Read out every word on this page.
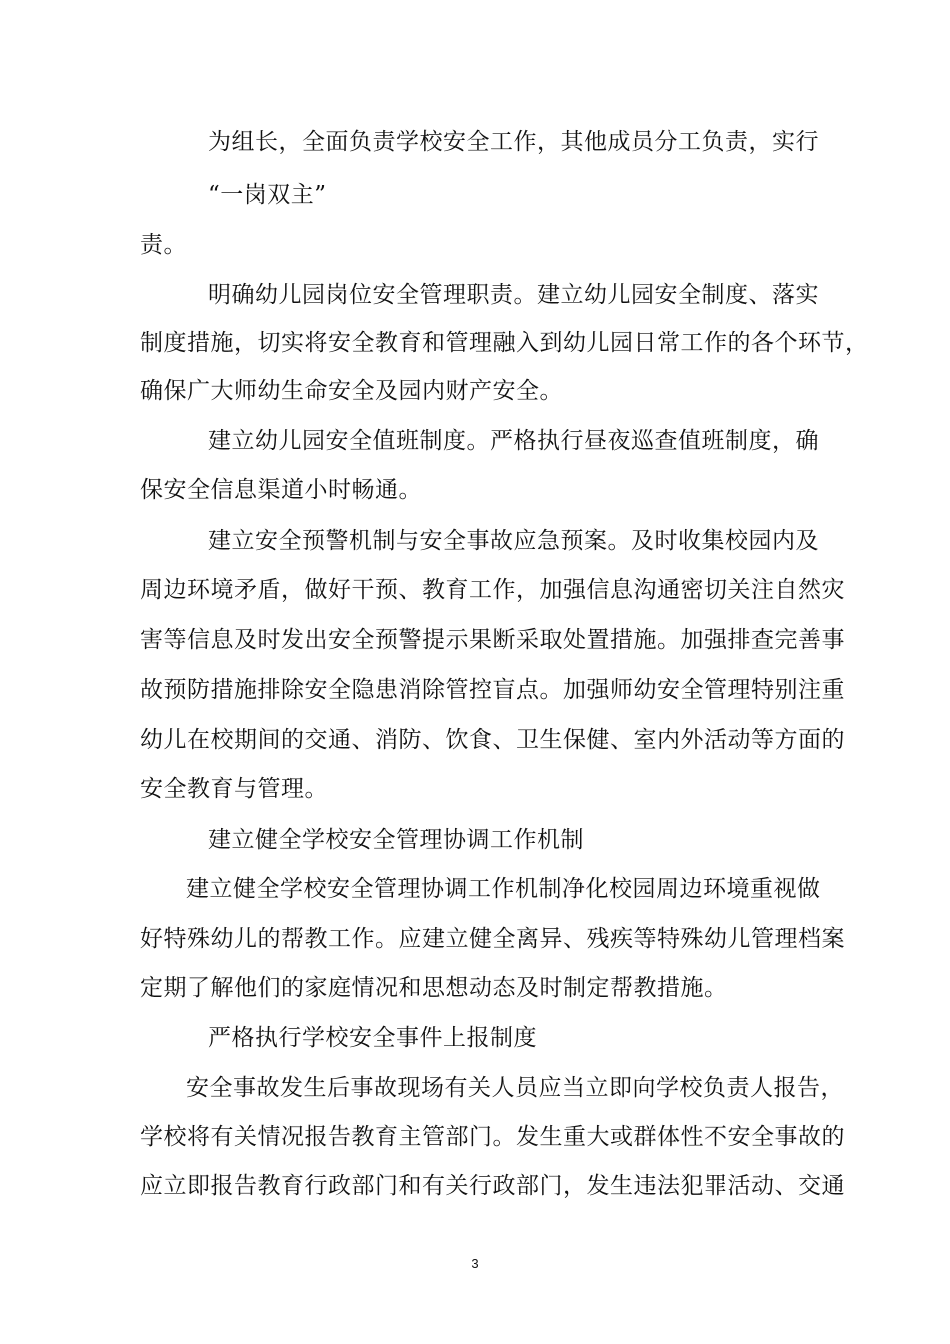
为组长，全面负责学校安全工作，其他成员分工负责，实行
“一岗双主”
责。
明确幼儿园岗位安全管理职责。建立幼儿园安全制度、落实
制度措施，切实将安全教育和管理融入到幼儿园日常工作的各个环节，
确保广大师幼生命安全及园内财产安全。
建立幼儿园安全值班制度。严格执行昼夜巡查值班制度，确
保安全信息渠道小时畅通。
建立安全预警机制与安全事故应急预案。及时收集校园内及
周边环境矛盾，做好干预、教育工作，加强信息沟通密切关注自然灾
害等信息及时发出安全预警提示果断采取处置措施。加强排查完善事
故预防措施排除安全隐患消除管控盲点。加强师幼安全管理特别注重
幼儿在校期间的交通、消防、饮食、卫生保健、室内外活动等方面的
安全教育与管理。
建立健全学校安全管理协调工作机制
建立健全学校安全管理协调工作机制净化校园周边环境重视做
好特殊幼儿的帮教工作。应建立健全离异、残疾等特殊幼儿管理档案
定期了解他们的家庭情况和思想动态及时制定帮教措施。
严格执行学校安全事件上报制度
安全事故发生后事故现场有关人员应当立即向学校负责人报告，
学校将有关情况报告教育主管部门。发生重大或群体性不安全事故的
应立即报告教育行政部门和有关行政部门，发生违法犯罪活动、交通
3
